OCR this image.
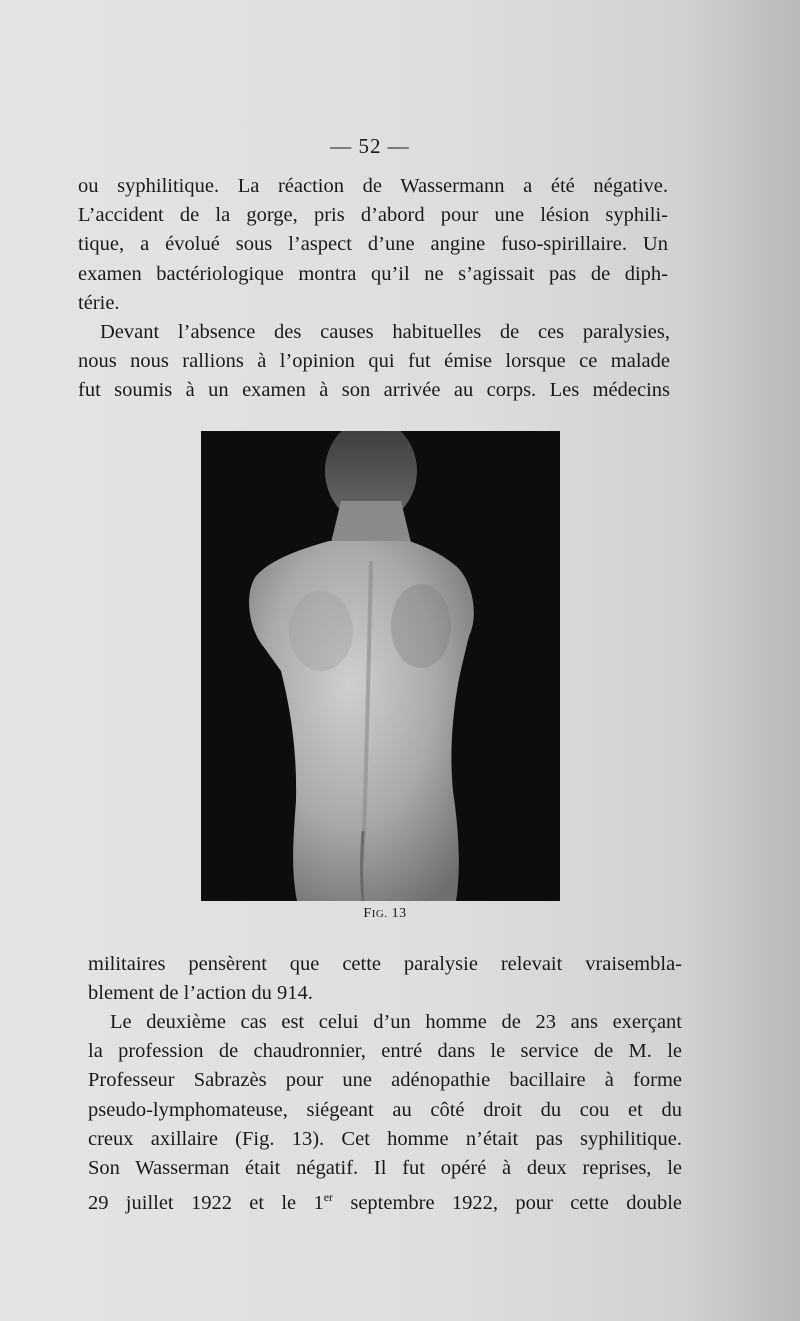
— 52 —

ou syphilitique. La réaction de Wassermann a été négative.
L’accident de la gorge, pris d’abord pour une lésion syphili-
tique, a évolué sous l’aspect d’une angine fuso-spirillaire. Un
examen bactériologique montra qu’il ne s’agissait pas de diph-
térie.

Devant l’absence des causes habituelles de ces paralysies,
nous nous rallions à l’opinion qui fut émise lorsque ce malade
fut soumis à un examen à son arrivée au corps. Les médecins

FIG. 13

militaires pensèrent que cette paralysie relevait vraisembla-
blement de l’action du 914.

Le deuxième cas est celui d’un homme de 23 ans exerçant
la profession de chaudronnier, entré dans le service de M. le
Professeur Sabrazès pour une adénopathie bacillaire à forme
pseudo-lymphomateuse, siégeant au côté droit du cou et du
creux axillaire (Fig. 13). Cet homme n’était pas syphilitique.
Son Wasserman était négatif. Il fut opéré à deux reprises, le
29 juillet 1922 et le 1er septembre 1922, pour cette double
